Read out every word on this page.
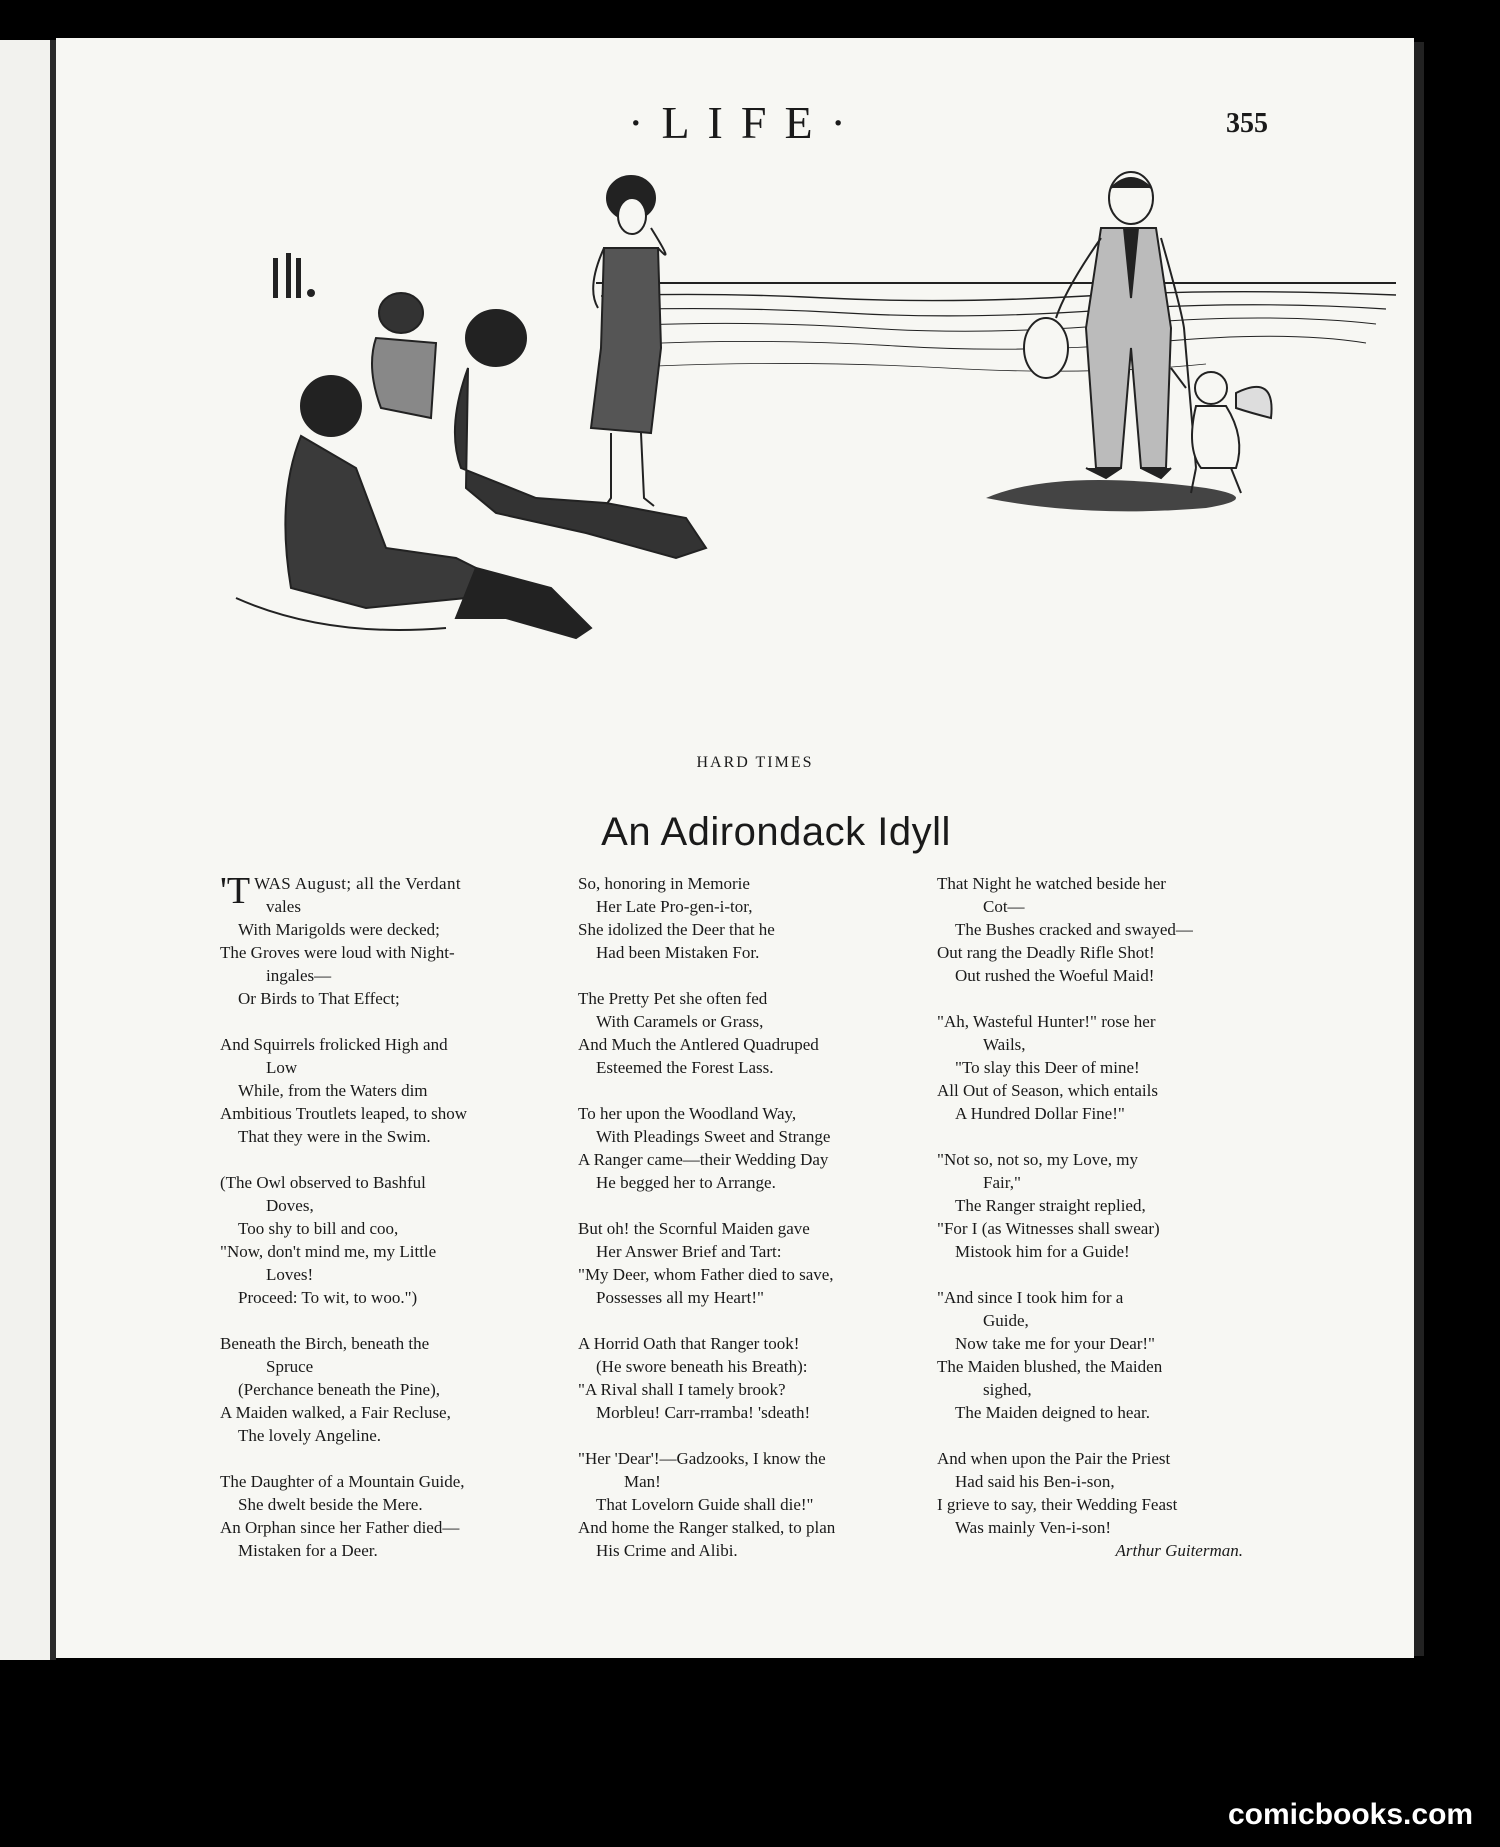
·LIFE·	355
HARD TIMES
An Adirondack Idyll
'TWAS August; all the Verdant
vales
With Marigolds were decked;
The Groves were loud with Night-
ingales—
Or Birds to That Effect;
And Squirrels frolicked High and
Low
While, from the Waters dim
Ambitious Troutlets leaped, to show
That they were in the Swim.
(The Owl observed to Bashful
Doves,
Too shy to bill and coo,
"Now, don't mind me, my Little
Loves!
Proceed: To wit, to woo.")
Beneath the Birch, beneath the
Spruce
(Perchance beneath the Pine),
A Maiden walked, a Fair Recluse,
The lovely Angeline.
The Daughter of a Mountain Guide,
She dwelt beside the Mere.
An Orphan since her Father died—
Mistaken for a Deer.
So, honoring in Memorie
Her Late Pro-gen-i-tor,
She idolized the Deer that he
Had been Mistaken For.
The Pretty Pet she often fed
With Caramels or Grass,
And Much the Antlered Quadruped
Esteemed the Forest Lass.
To her upon the Woodland Way,
With Pleadings Sweet and Strange
A Ranger came—their Wedding Day
He begged her to Arrange.
But oh! the Scornful Maiden gave
Her Answer Brief and Tart:
"My Deer, whom Father died to save,
Possesses all my Heart!"
A Horrid Oath that Ranger took!
(He swore beneath his Breath):
"A Rival shall I tamely brook?
Morbleu! Carr-rramba! 'sdeath!
"Her 'Dear'!—Gadzooks, I know the
Man!
That Lovelorn Guide shall die!"
And home the Ranger stalked, to plan
His Crime and Alibi.
That Night he watched beside her
Cot—
The Bushes cracked and swayed—
Out rang the Deadly Rifle Shot!
Out rushed the Woeful Maid!
"Ah, Wasteful Hunter!" rose her
Wails,
"To slay this Deer of mine!
All Out of Season, which entails
A Hundred Dollar Fine!"
"Not so, not so, my Love, my
Fair,"
The Ranger straight replied,
"For I (as Witnesses shall swear)
Mistook him for a Guide!
"And since I took him for a
Guide,
Now take me for your Dear!"
The Maiden blushed, the Maiden
sighed,
The Maiden deigned to hear.
And when upon the Pair the Priest
Had said his Ben-i-son,
I grieve to say, their Wedding Feast
Was mainly Ven-i-son!
Arthur Guiterman.
comicbooks.com
